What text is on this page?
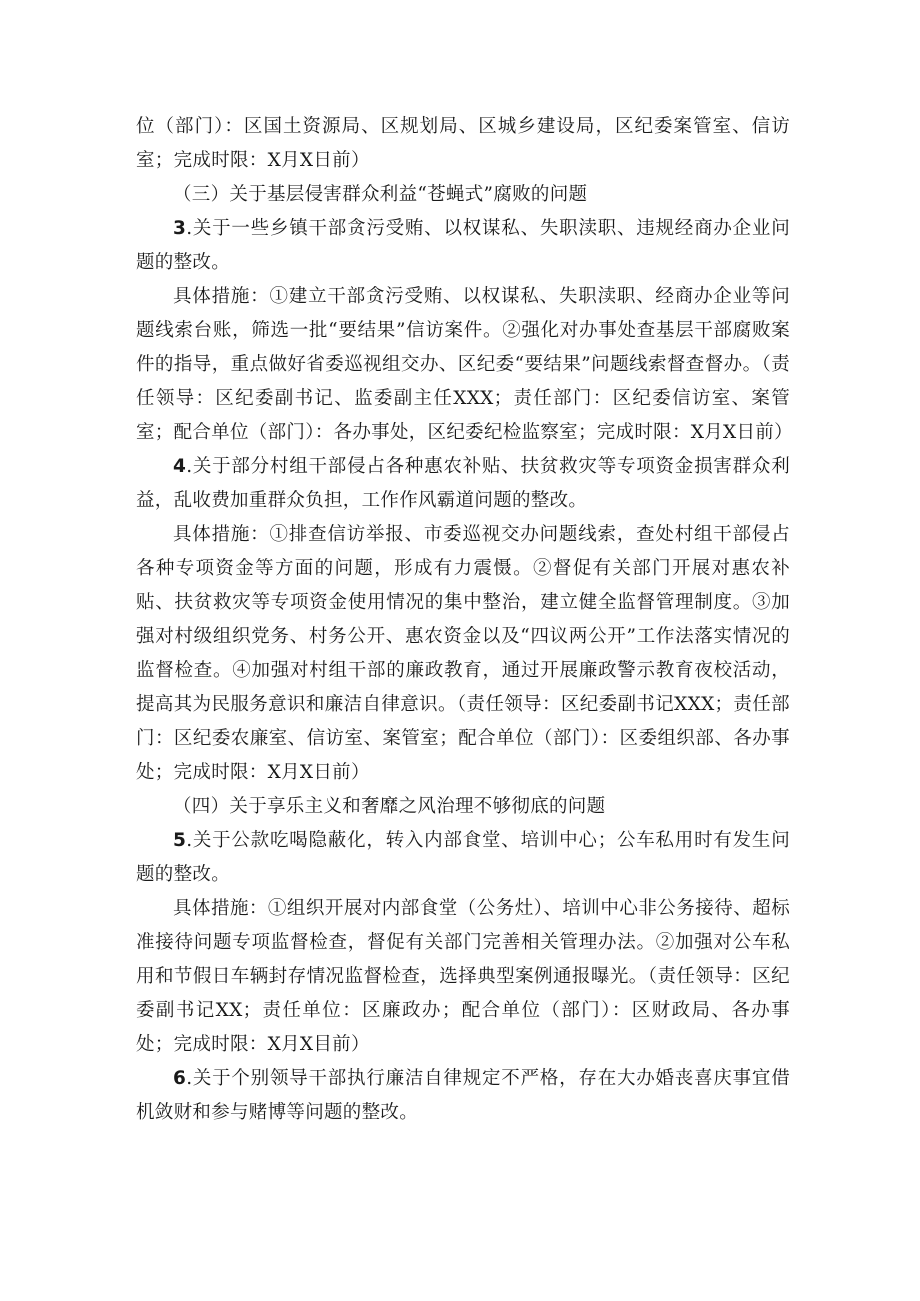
位（部门）：区国土资源局、区规划局、区城乡建设局，区纪委案管室、信访室；完成时限：X月X日前）

（三）关于基层侵害群众利益“苍蝇式”腐败的问题

3.关于一些乡镇干部贪污受贿、以权谋私、失职渎职、违规经商办企业问题的整改。

具体措施：①建立干部贪污受贿、以权谋私、失职渎职、经商办企业等问题线索台账，筛选一批“要结果”信访案件。②强化对办事处查基层干部腐败案件的指导，重点做好省委巡视组交办、区纪委“要结果”问题线索督查督办。（责任领导：区纪委副书记、监委副主任XXX；责任部门：区纪委信访室、案管室；配合单位（部门）：各办事处，区纪委纪检监察室；完成时限：X月X日前）

4.关于部分村组干部侵占各种惠农补贴、扶贫救灾等专项资金损害群众利益，乱收费加重群众负担，工作作风霸道问题的整改。

具体措施：①排查信访举报、市委巡视交办问题线索，查处村组干部侵占各种专项资金等方面的问题，形成有力震慑。②督促有关部门开展对惠农补贴、扶贫救灾等专项资金使用情况的集中整治，建立健全监督管理制度。③加强对村级组织党务、村务公开、惠农资金以及“四议两公开”工作法落实情况的监督检查。④加强对村组干部的廉政教育，通过开展廉政警示教育夜校活动，提高其为民服务意识和廉洁自律意识。（责任领导：区纪委副书记XXX；责任部门：区纪委农廉室、信访室、案管室；配合单位（部门）：区委组织部、各办事处；完成时限：X月X日前）

（四）关于享乐主义和奢靡之风治理不够彻底的问题

5.关于公款吃喝隐蔽化，转入内部食堂、培训中心；公车私用时有发生问题的整改。

具体措施：①组织开展对内部食堂（公务灶）、培训中心非公务接待、超标准接待问题专项监督检查，督促有关部门完善相关管理办法。②加强对公车私用和节假日车辆封存情况监督检查，选择典型案例通报曝光。（责任领导：区纪委副书记XX；责任单位：区廉政办；配合单位（部门）：区财政局、各办事处；完成时限：X月X目前）

6.关于个别领导干部执行廉洁自律规定不严格，存在大办婚丧喜庆事宜借机敛财和参与赌博等问题的整改。
